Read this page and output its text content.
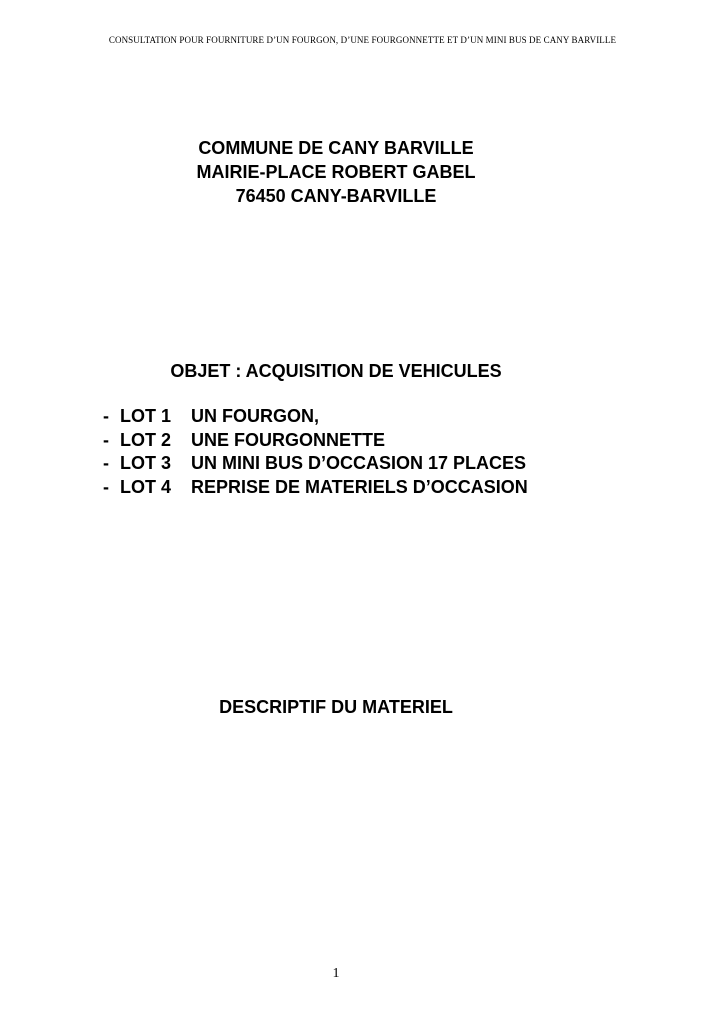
CONSULTATION POUR FOURNITURE D’UN FOURGON, D’UNE FOURGONNETTE ET D’UN MINI BUS DE CANY BARVILLE
COMMUNE DE CANY BARVILLE
MAIRIE-PLACE ROBERT GABEL
76450 CANY-BARVILLE
OBJET : ACQUISITION DE VEHICULES
- LOT 1	UN FOURGON,
- LOT 2	UNE FOURGONNETTE
- LOT 3	UN MINI BUS D’OCCASION 17 PLACES
- LOT 4	REPRISE DE MATERIELS D’OCCASION
DESCRIPTIF DU MATERIEL
1
